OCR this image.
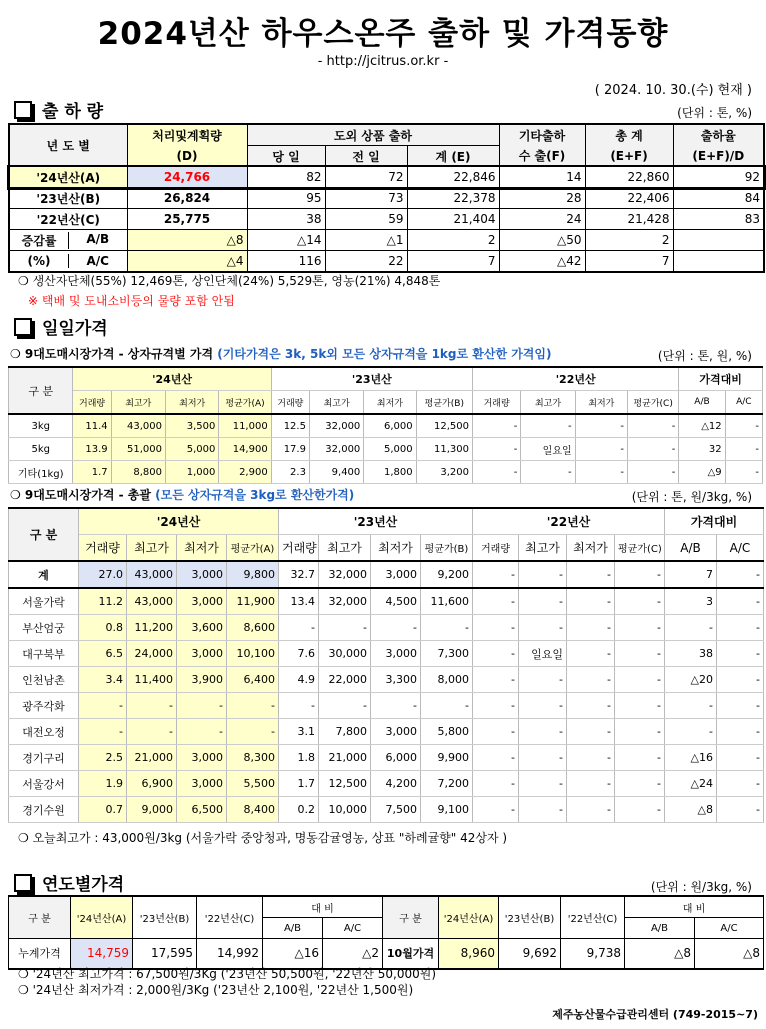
2024년산 하우스온주 출하 및 가격동향
- http://jcitrus.or.kr -
( 2024. 10. 30.(수) 현재 )
출 하 량	(단위 : 톤, %)
년 도 별	처리및계획량	도외 상품 출하			기타출하	총 계	출하율
	(D)	당 일	전 일	계 (E)	수 출(F)	(E+F)	(E+F)/D
'24년산(A)	24,766	82	72	22,846	14	22,860	92
'23년산(B)	26,824	95	73	22,378	28	22,406	84
'22년산(C)	25,775	38	59	21,404	24	21,428	83

증감률 A/B	△8	△14	△1	2	△50	2	

(%) A/C	△4	116	22	7	△42	7	
❍ 생산자단체(55%) 12,469톤, 상인단체(24%) 5,529톤, 영농(21%) 4,848톤
※ 택배 및 도내소비등의 물량 포함 안됨
일일가격
❍ 9대도매시장가격 - 상자규격별 가격 (기타가격은 3k, 5k외 모든 상자규격을 1kg로 환산한 가격임)	(단위 : 톤, 원, %)
구 분	'24년산				'23년산				'22년산				가격대비	
	거래량	최고가	최저가	평균가(A)	거래량	최고가	최저가	평균가(B)	거래량	최고가	최저가	평균가(C)	A/B	A/C
3kg	11.4	43,000	3,500	11,000	12.5	32,000	6,000	12,500	-	-	-	-	△12	-
5kg	13.9	51,000	5,000	14,900	17.9	32,000	5,000	11,300	-	일요일	-	-	32	-
기타(1kg)	1.7	8,800	1,000	2,900	2.3	9,400	1,800	3,200	-	-	-	-	△9	-
❍ 9대도매시장가격 - 총괄 (모든 상자규격을 3kg로 환산한가격)	(단위 : 톤, 원/3kg, %)
구 분	'24년산				'23년산				'22년산				가격대비	
	거래량	최고가	최저가	평균가(A)	거래량	최고가	최저가	평균가(B)	거래량	최고가	최저가	평균가(C)	A/B	A/C
계	27.0	43,000	3,000	9,800	32.7	32,000	3,000	9,200	-	-	-	-	7	-
서울가락	11.2	43,000	3,000	11,900	13.4	32,000	4,500	11,600	-	-	-	-	3	-
부산엄궁	0.8	11,200	3,600	8,600	-	-	-	-	-	-	-	-	-	-
대구북부	6.5	24,000	3,000	10,100	7.6	30,000	3,000	7,300	-	일요일	-	-	38	-
인천남촌	3.4	11,400	3,900	6,400	4.9	22,000	3,300	8,000	-	-	-	-	△20	-
광주각화	-	-	-	-	-	-	-	-	-	-	-	-	-	-
대전오정	-	-	-	-	3.1	7,800	3,000	5,800	-	-	-	-	-	-
경기구리	2.5	21,000	3,000	8,300	1.8	21,000	6,000	9,900	-	-	-	-	△16	-
서울강서	1.9	6,900	3,000	5,500	1.7	12,500	4,200	7,200	-	-	-	-	△24	-
경기수원	0.7	9,000	6,500	8,400	0.2	10,000	7,500	9,100	-	-	-	-	△8	-
❍ 오늘최고가 : 43,000원/3kg (서울가락 중앙청과, 명동감귤영농, 상표 "하례귤향" 42상자 )
연도별가격	(단위 : 원/3kg, %)
구 분	'24년산(A)	'23년산(B)	'22년산(C)	대 비		구 분	'24년산(A)	'23년산(B)	'22년산(C)	대 비	
				A/B	A/C					A/B	A/C
누계가격	14,759	17,595	14,992	△16	△2	10월가격	8,960	9,692	9,738	△8	△8
❍ '24년산 최고가격 : 67,500원/3Kg ('23년산 50,500원, '22년산 50,000원)
❍ '24년산 최저가격 : 2,000원/3Kg ('23년산 2,100원, '22년산 1,500원)
제주농산물수급관리센터 (749-2015~7)
